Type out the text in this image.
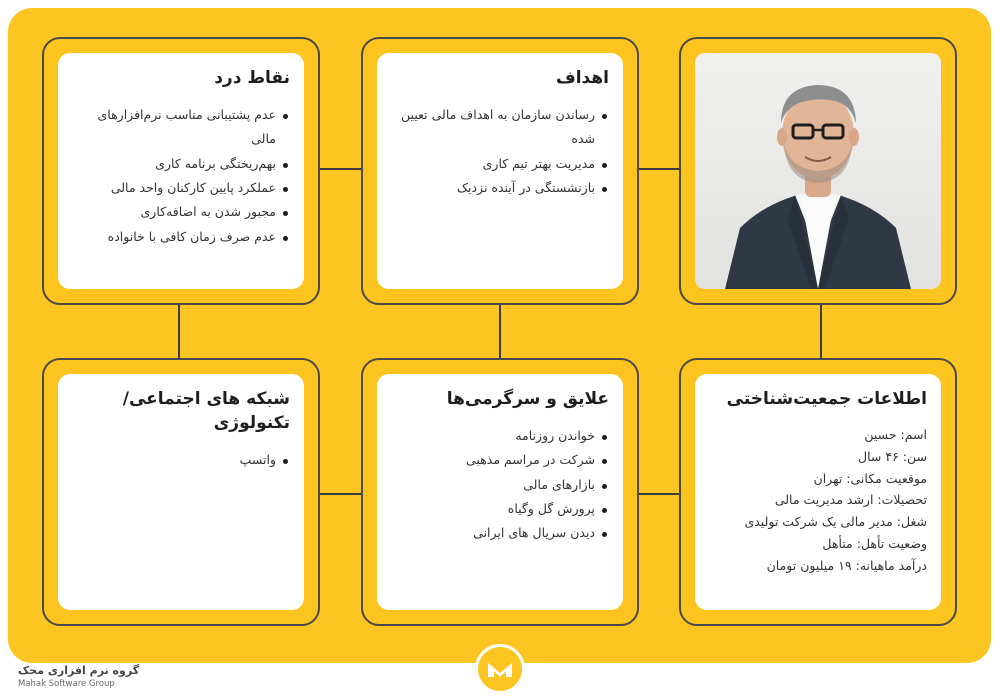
نقاط درد
عدم پشتیبانی مناسب نرم‌افزارهای مالی
بهم‌ریختگی برنامه کاری
عملکرد پایین کارکنان واحد مالی
مجبور شدن به اضافه‌کاری
عدم صرف زمان کافی با خانواده
اهداف
رساندن سازمان به اهداف مالی تعیین شده
مدیریت بهتر تیم کاری
بازنشستگی در آینده نزدیک
شبکه های اجتماعی/ تکنولوژی
واتسپ
علایق و سرگرمی‌ها
خواندن روزنامه
شرکت در مراسم مذهبی
بازارهای مالی
پرورش گل وگیاه
دیدن سریال های ایرانی
اطلاعات جمعیت‌شناختی
اسم: حسین
سن: ۴۶ سال
موقعیت مکانی: تهران
تحصیلات: ارشد مدیریت مالی
شغل: مدیر مالی یک شرکت تولیدی
وضعیت تأهل: متأهل
درآمد ماهیانه: ۱۹ میلیون تومان
گروه نرم افزاری محک
Mahak Software Group
